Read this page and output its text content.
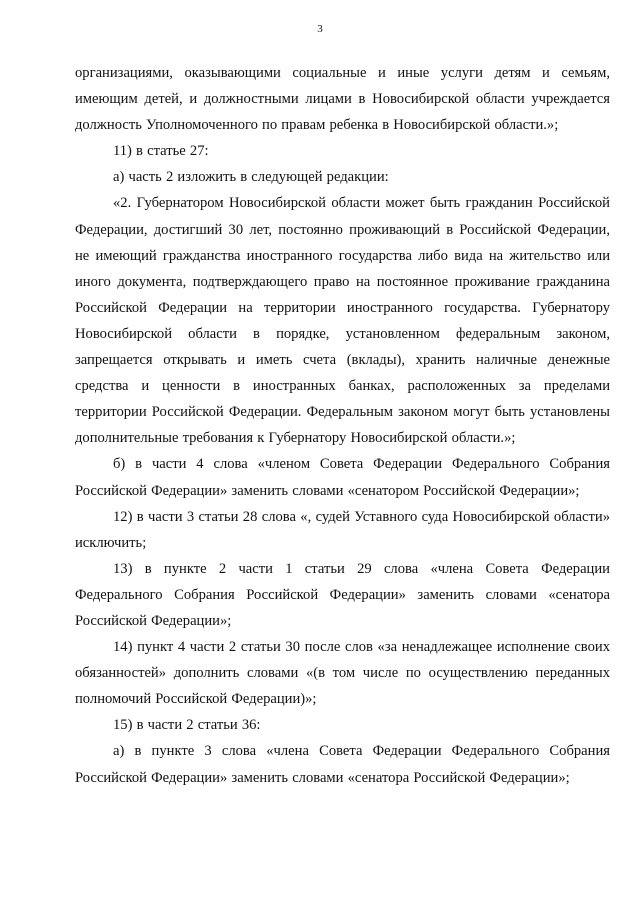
3

организациями, оказывающими социальные и иные услуги детям и семьям, имеющим детей, и должностными лицами в Новосибирской области учреждается должность Уполномоченного по правам ребенка в Новосибирской области.»;

11) в статье 27:

а) часть 2 изложить в следующей редакции:

«2. Губернатором Новосибирской области может быть гражданин Российской Федерации, достигший 30 лет, постоянно проживающий в Российской Федерации, не имеющий гражданства иностранного государства либо вида на жительство или иного документа, подтверждающего право на постоянное проживание гражданина Российской Федерации на территории иностранного государства. Губернатору Новосибирской области в порядке, установленном федеральным законом, запрещается открывать и иметь счета (вклады), хранить наличные денежные средства и ценности в иностранных банках, расположенных за пределами территории Российской Федерации. Федеральным законом могут быть установлены дополнительные требования к Губернатору Новосибирской области.»;

б) в части 4 слова «членом Совета Федерации Федерального Собрания Российской Федерации» заменить словами «сенатором Российской Федерации»;

12) в части 3 статьи 28 слова «, судей Уставного суда Новосибирской области» исключить;

13) в пункте 2 части 1 статьи 29 слова «члена Совета Федерации Федерального Собрания Российской Федерации» заменить словами «сенатора Российской Федерации»;

14) пункт 4 части 2 статьи 30 после слов «за ненадлежащее исполнение своих обязанностей» дополнить словами «(в том числе по осуществлению переданных полномочий Российской Федерации)»;

15) в части 2 статьи 36:

а) в пункте 3 слова «члена Совета Федерации Федерального Собрания Российской Федерации» заменить словами «сенатора Российской Федерации»;
